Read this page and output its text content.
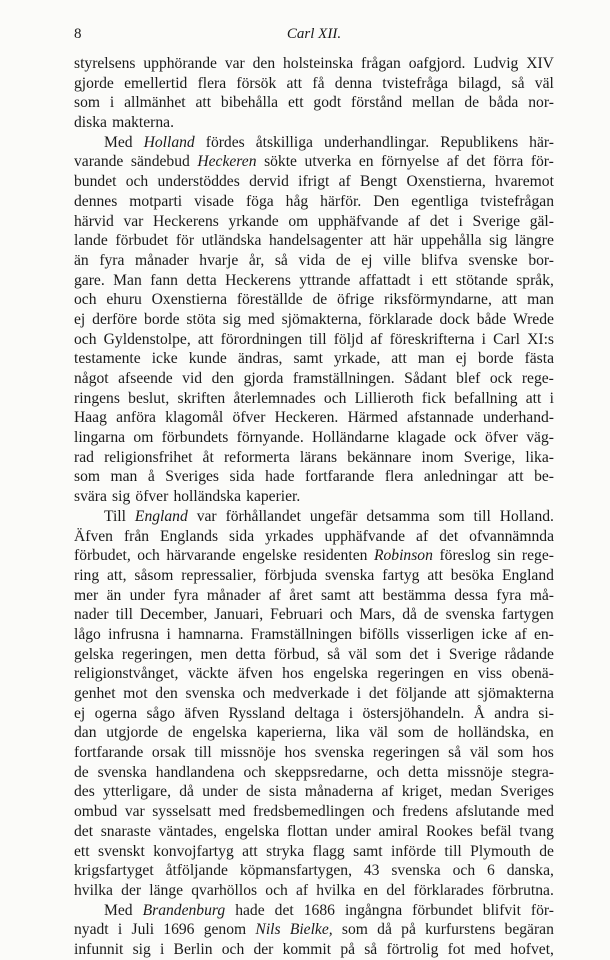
8	Carl XII.
styrelsens upphörande var den holsteinska frågan oafgjord. Ludvig XIV
gjorde emellertid flera försök att få denna tvistefråga bilagd, så väl
som i allmänhet att bibehålla ett godt förstånd mellan de båda nor-
diska makterna.
Med Holland fördes åtskilliga underhandlingar. Republikens här-
varande sändebud Heckeren sökte utverka en förnyelse af det förra för-
bundet och understöddes dervid ifrigt af Bengt Oxenstierna, hvaremot
dennes motparti visade föga håg härför. Den egentliga tvistefrågan
härvid var Heckerens yrkande om upphäfvande af det i Sverige gäl-
lande förbudet för utländska handelsagenter att här uppehålla sig längre
än fyra månader hvarje år, så vida de ej ville blifva svenske bor-
gare. Man fann detta Heckerens yttrande affattadt i ett stötande språk,
och ehuru Oxenstierna föreställde de öfrige riksförmyndarne, att man
ej derföre borde stöta sig med sjömakterna, förklarade dock både Wrede
och Gyldenstolpe, att förordningen till följd af föreskrifterna i Carl XI:s
testamente icke kunde ändras, samt yrkade, att man ej borde fästa
något afseende vid den gjorda framställningen. Sådant blef ock rege-
ringens beslut, skriften återlemnades och Lillieroth fick befallning att i
Haag anföra klagomål öfver Heckeren. Härmed afstannade underhand-
lingarna om förbundets förnyande. Holländarne klagade ock öfver väg-
rad religionsfrihet åt reformerta lärans bekännare inom Sverige, lika-
som man å Sveriges sida hade fortfarande flera anledningar att be-
svära sig öfver holländska kaperier.
Till England var förhållandet ungefär detsamma som till Holland.
Äfven från Englands sida yrkades upphäfvande af det ofvannämnda
förbudet, och härvarande engelske residenten Robinson föreslog sin rege-
ring att, såsom repressalier, förbjuda svenska fartyg att besöka England
mer än under fyra månader af året samt att bestämma dessa fyra må-
nader till December, Januari, Februari och Mars, då de svenska fartygen
lågo infrusna i hamnarna. Framställningen bifölls visserligen icke af en-
gelska regeringen, men detta förbud, så väl som det i Sverige rådande
religionstvånget, väckte äfven hos engelska regeringen en viss obenä-
genhet mot den svenska och medverkade i det följande att sjömakterna
ej ogerna sågo äfven Ryssland deltaga i östersjöhandeln. Å andra si-
dan utgjorde de engelska kaperierna, lika väl som de holländska, en
fortfarande orsak till missnöje hos svenska regeringen så väl som hos
de svenska handlandena och skeppsredarne, och detta missnöje stegra-
des ytterligare, då under de sista månaderna af kriget, medan Sveriges
ombud var sysselsatt med fredsbemedlingen och fredens afslutande med
det snaraste väntades, engelska flottan under amiral Rookes befäl tvang
ett svenskt konvojfartyg att stryka flagg samt införde till Plymouth de
krigsfartyget åtföljande köpmansfartygen, 43 svenska och 6 danska,
hvilka der länge qvarhöllos och af hvilka en del förklarades förbrutna.
Med Brandenburg hade det 1686 ingångna förbundet blifvit för-
nyadt i Juli 1696 genom Nils Bielke, som då på kurfurstens begäran
infunnit sig i Berlin och der kommit på så förtrolig fot med hofvet,
